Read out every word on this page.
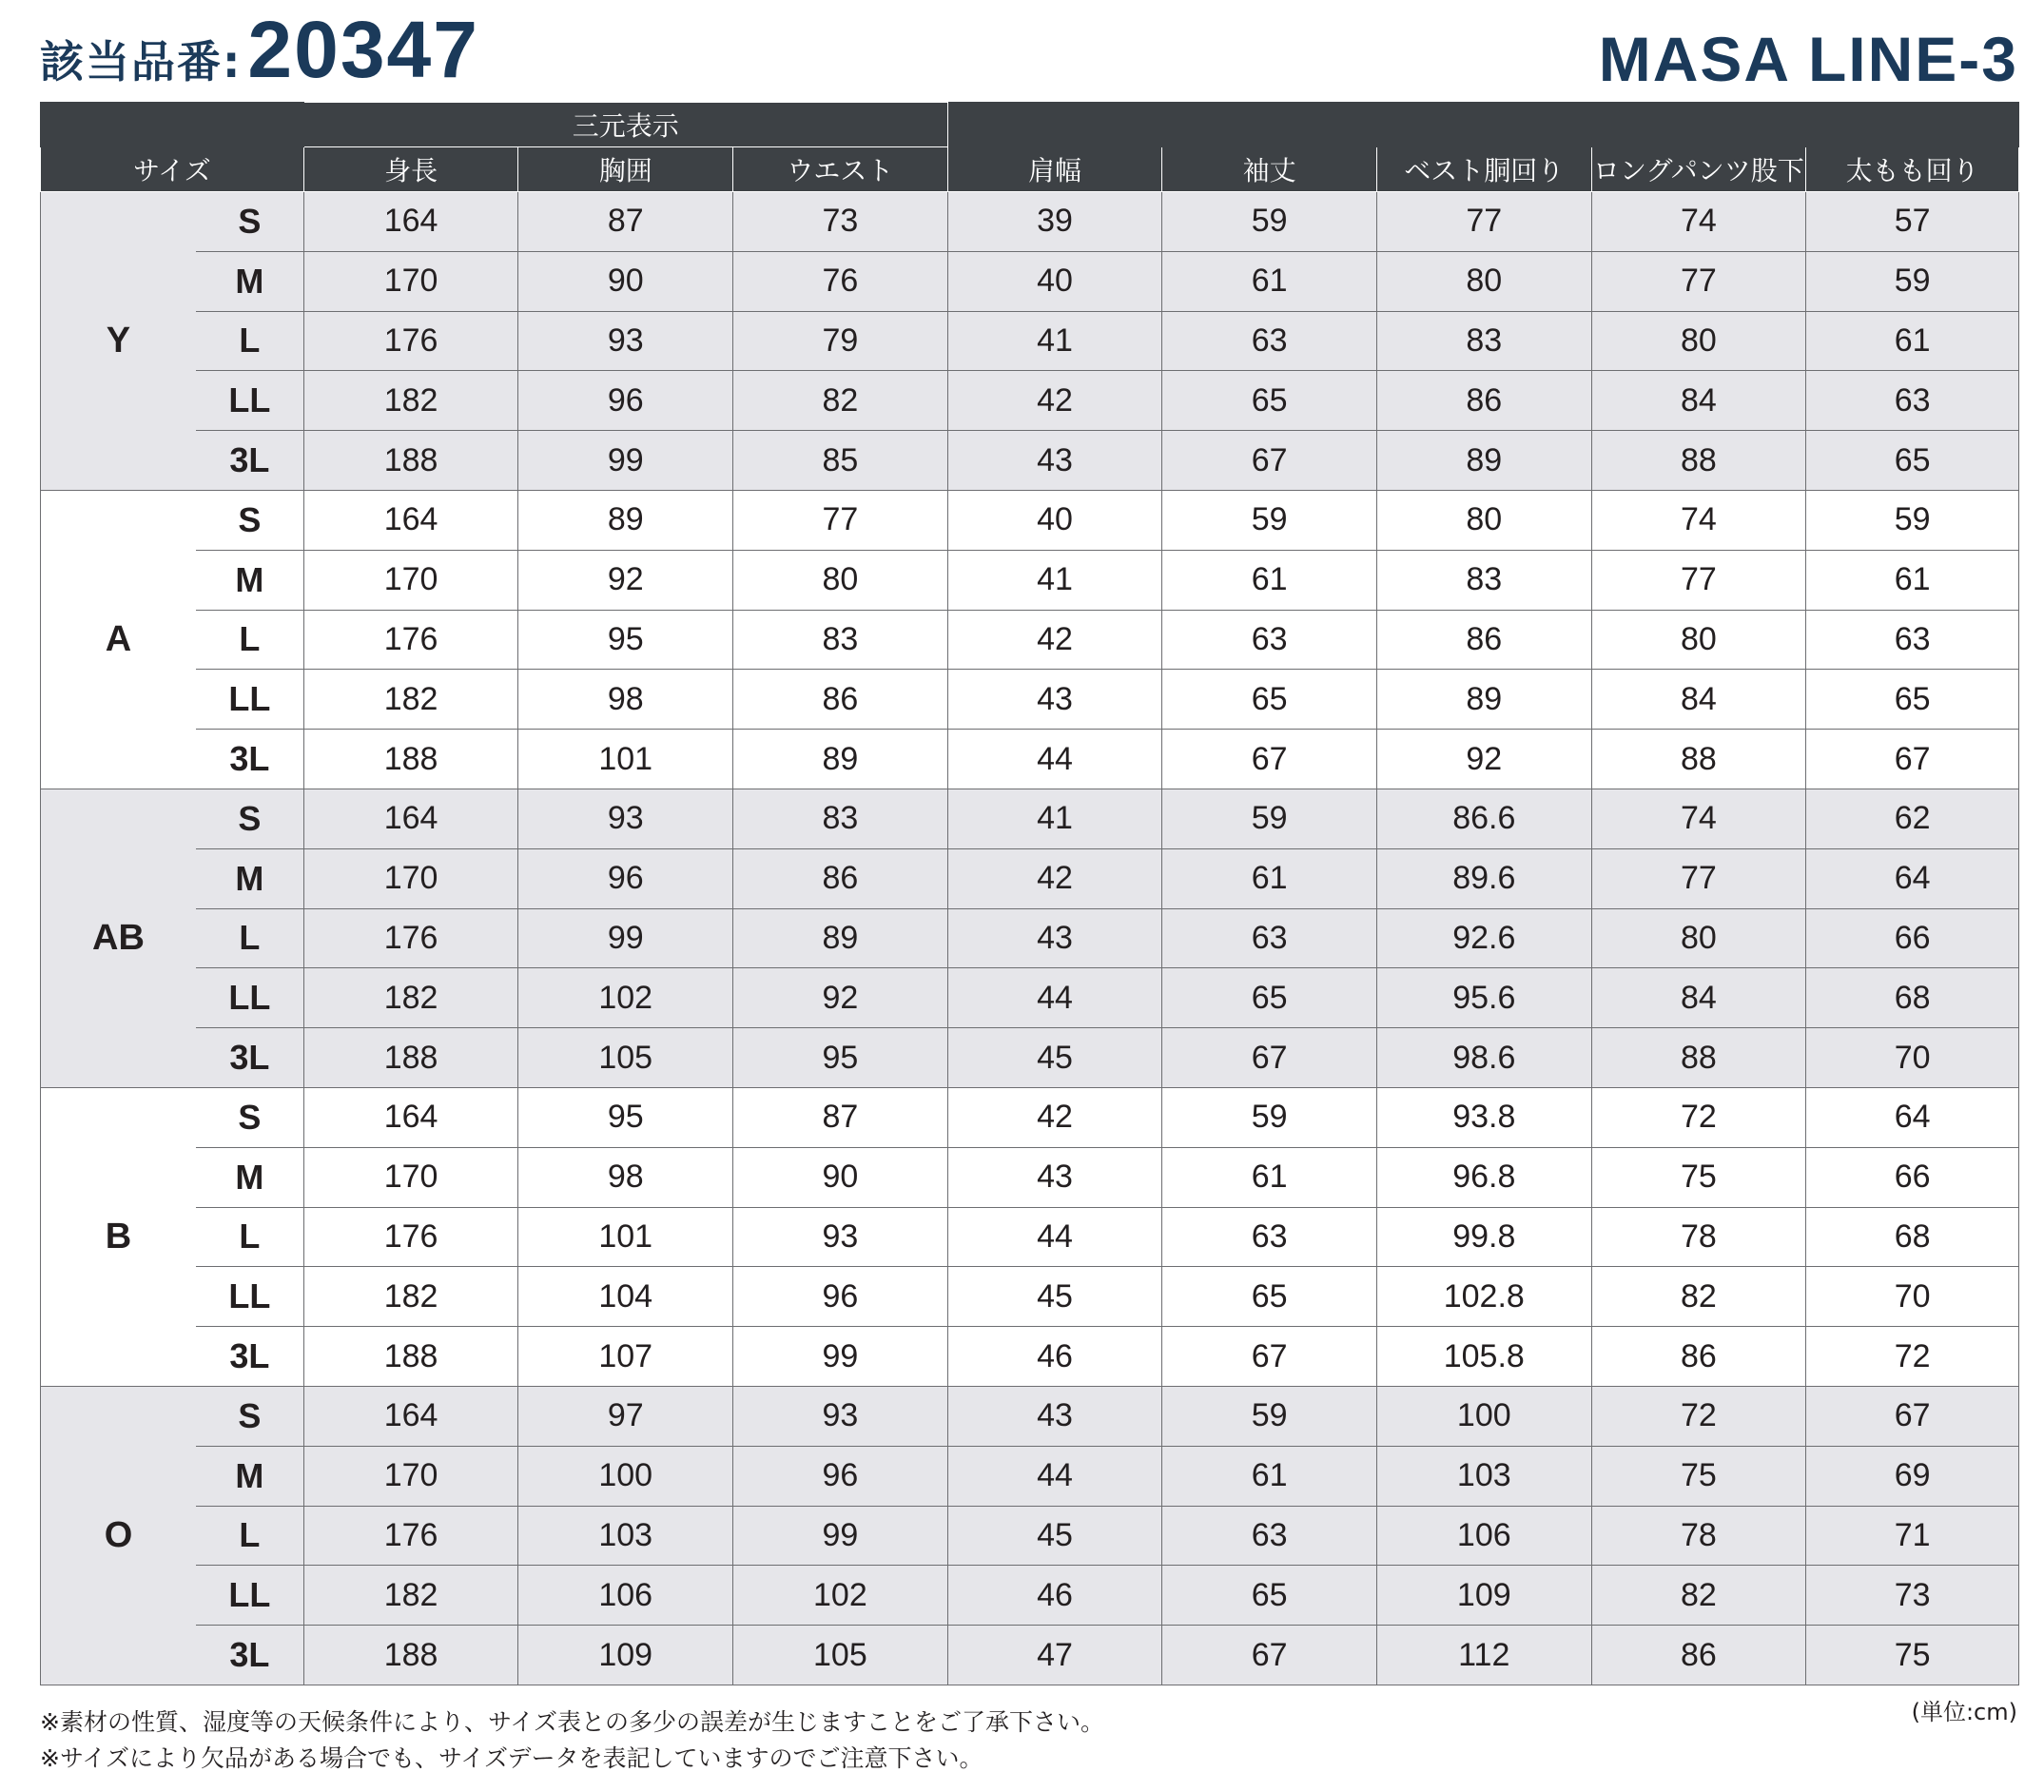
該当品番: 20347	MASA LINE-3
		三元表示							
サイズ		身長	胸囲	ウエスト	肩幅	袖丈	ベスト胴回り	ロングパンツ股下	太もも回り
Y	S	164	87	73	39	59	77	74	57
	M	170	90	76	40	61	80	77	59
	L	176	93	79	41	63	83	80	61
	LL	182	96	82	42	65	86	84	63
	3L	188	99	85	43	67	89	88	65
A	S	164	89	77	40	59	80	74	59
	M	170	92	80	41	61	83	77	61
	L	176	95	83	42	63	86	80	63
	LL	182	98	86	43	65	89	84	65
	3L	188	101	89	44	67	92	88	67
AB	S	164	93	83	41	59	86.6	74	62
	M	170	96	86	42	61	89.6	77	64
	L	176	99	89	43	63	92.6	80	66
	LL	182	102	92	44	65	95.6	84	68
	3L	188	105	95	45	67	98.6	88	70
B	S	164	95	87	42	59	93.8	72	64
	M	170	98	90	43	61	96.8	75	66
	L	176	101	93	44	63	99.8	78	68
	LL	182	104	96	45	65	102.8	82	70
	3L	188	107	99	46	67	105.8	86	72
O	S	164	97	93	43	59	100	72	67
	M	170	100	96	44	61	103	75	69
	L	176	103	99	45	63	106	78	71
	LL	182	106	102	46	65	109	82	73
	3L	188	109	105	47	67	112	86	75
(単位:cm)
※素材の性質、湿度等の天候条件により、サイズ表との多少の誤差が生じますことをご了承下さい。
※サイズにより欠品がある場合でも、サイズデータを表記していますのでご注意下さい。
